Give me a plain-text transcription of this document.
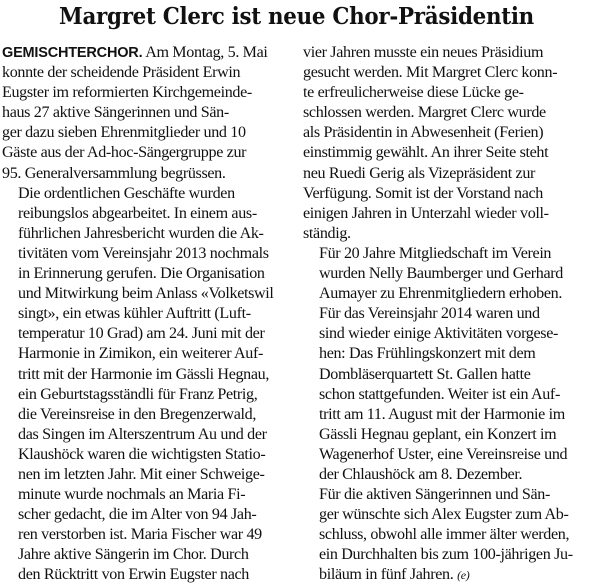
Margret Clerc ist neue Chor-Präsidentin

GEMISCHTERCHOR. Am Montag, 5. Mai
konnte der scheidende Präsident Erwin
Eugster im reformierten Kirchgemeinde-
haus 27 aktive Sängerinnen und Sän-
ger dazu sieben Ehrenmitglieder und 10
Gäste aus der Ad-hoc-Sängergruppe zur
95. Generalversammlung begrüssen.

Die ordentlichen Geschäfte wurden
reibungslos abgearbeitet. In einem aus-
führlichen Jahresbericht wurden die Ak-
tivitäten vom Vereinsjahr 2013 nochmals
in Erinnerung gerufen. Die Organisation
und Mitwirkung beim Anlass «Volketswil
singt», ein etwas kühler Auftritt (Luft-
temperatur 10 Grad) am 24. Juni mit der
Harmonie in Zimikon, ein weiterer Auf-
tritt mit der Harmonie im Gässli Hegnau,
ein Geburtstagsständli für Franz Petrig,
die Vereinsreise in den Bregenzerwald,
das Singen im Alterszentrum Au und der
Klaushöck waren die wichtigsten Statio-
nen im letzten Jahr. Mit einer Schweige-
minute wurde nochmals an Maria Fi-
scher gedacht, die im Alter von 94 Jah-
ren verstorben ist. Maria Fischer war 49
Jahre aktive Sängerin im Chor. Durch
den Rücktritt von Erwin Eugster nach

vier Jahren musste ein neues Präsidium
gesucht werden. Mit Margret Clerc konn-
te erfreulicherweise diese Lücke ge-
schlossen werden. Margret Clerc wurde
als Präsidentin in Abwesenheit (Ferien)
einstimmig gewählt. An ihrer Seite steht
neu Ruedi Gerig als Vizepräsident zur
Verfügung. Somit ist der Vorstand nach
einigen Jahren in Unterzahl wieder voll-
ständig.

Für 20 Jahre Mitgliedschaft im Verein
wurden Nelly Baumberger und Gerhard
Aumayer zu Ehrenmitgliedern erhoben.

Für das Vereinsjahr 2014 waren und
sind wieder einige Aktivitäten vorgese-
hen: Das Frühlingskonzert mit dem
Dombläserquartett St. Gallen hatte
schon stattgefunden. Weiter ist ein Auf-
tritt am 11. August mit der Harmonie im
Gässli Hegnau geplant, ein Konzert im
Wagenerhof Uster, eine Vereinsreise und
der Chlaushöck am 8. Dezember.

Für die aktiven Sängerinnen und Sän-
ger wünschte sich Alex Eugster zum Ab-
schluss, obwohl alle immer älter werden,
ein Durchhalten bis zum 100-jährigen Ju-
biläum in fünf Jahren. (e)
